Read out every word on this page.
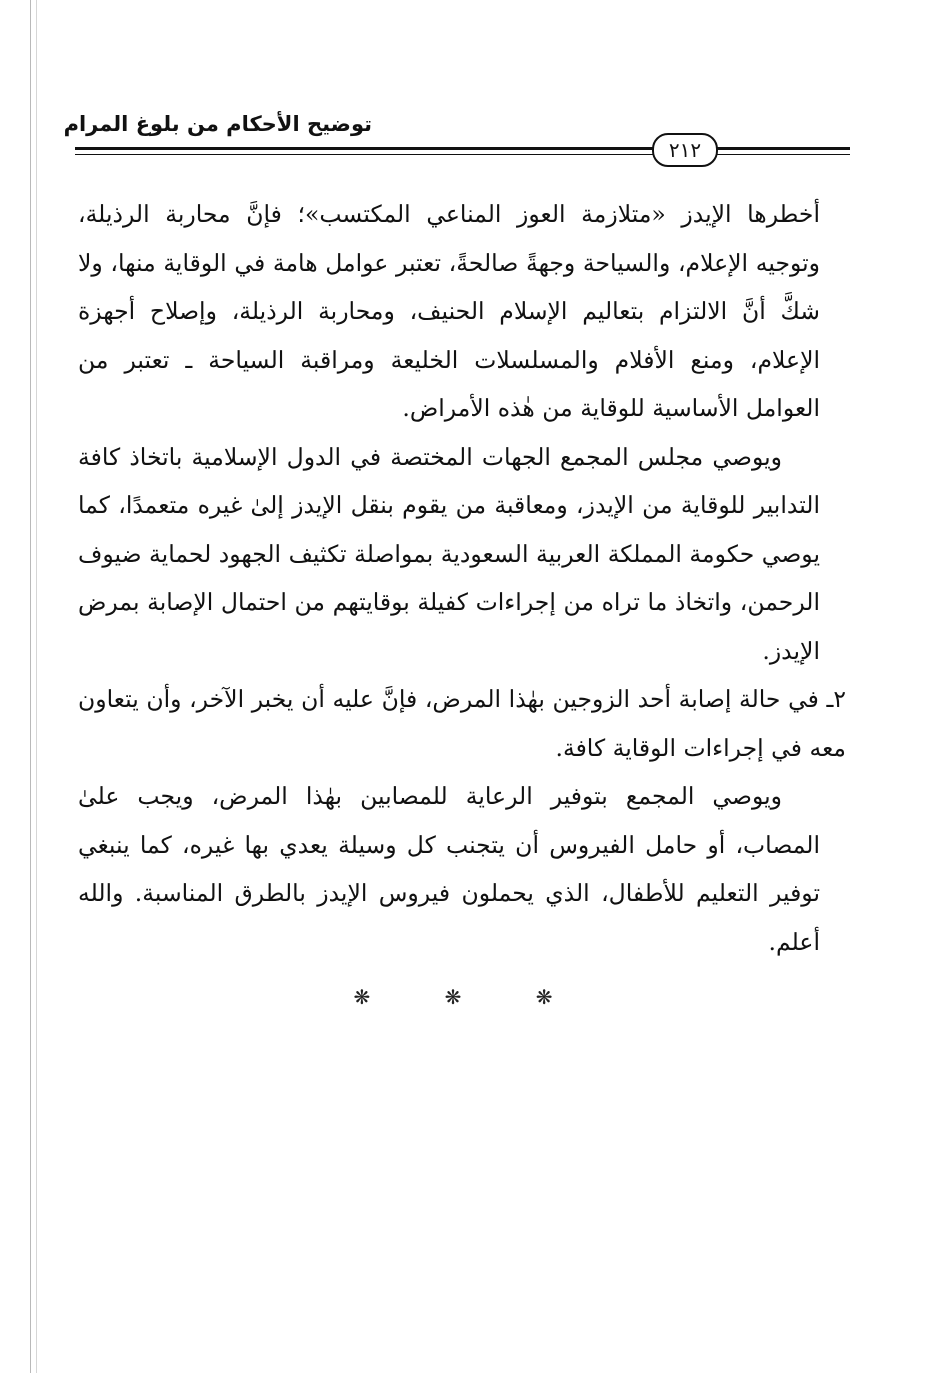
توضيح الأحكام من بلوغ المرام
٢١٢

أخطرها الإيدز «متلازمة العوز المناعي المكتسب»؛ فإنَّ محاربة الرذيلة، وتوجيه الإعلام، والسياحة وجهةً صالحةً، تعتبر عوامل هامة في الوقاية منها، ولا شكَّ أنَّ الالتزام بتعاليم الإسلام الحنيف، ومحاربة الرذيلة، وإصلاح أجهزة الإعلام، ومنع الأفلام والمسلسلات الخليعة ومراقبة السياحة ـ تعتبر من العوامل الأساسية للوقاية من هٰذه الأمراض.

ويوصي مجلس المجمع الجهات المختصة في الدول الإسلامية باتخاذ كافة التدابير للوقاية من الإيدز، ومعاقبة من يقوم بنقل الإيدز إلىٰ غيره متعمدًا، كما يوصي حكومة المملكة العربية السعودية بمواصلة تكثيف الجهود لحماية ضيوف الرحمن، واتخاذ ما تراه من إجراءات كفيلة بوقايتهم من احتمال الإصابة بمرض الإيدز.

٢ـ في حالة إصابة أحد الزوجين بهٰذا المرض، فإنَّ عليه أن يخبر الآخر، وأن يتعاون معه في إجراءات الوقاية كافة.

ويوصي المجمع بتوفير الرعاية للمصابين بهٰذا المرض، ويجب علىٰ المصاب، أو حامل الفيروس أن يتجنب كل وسيلة يعدي بها غيره، كما ينبغي توفير التعليم للأطفال، الذي يحملون فيروس الإيدز بالطرق المناسبة. والله أعلم.

❋ ❋ ❋
